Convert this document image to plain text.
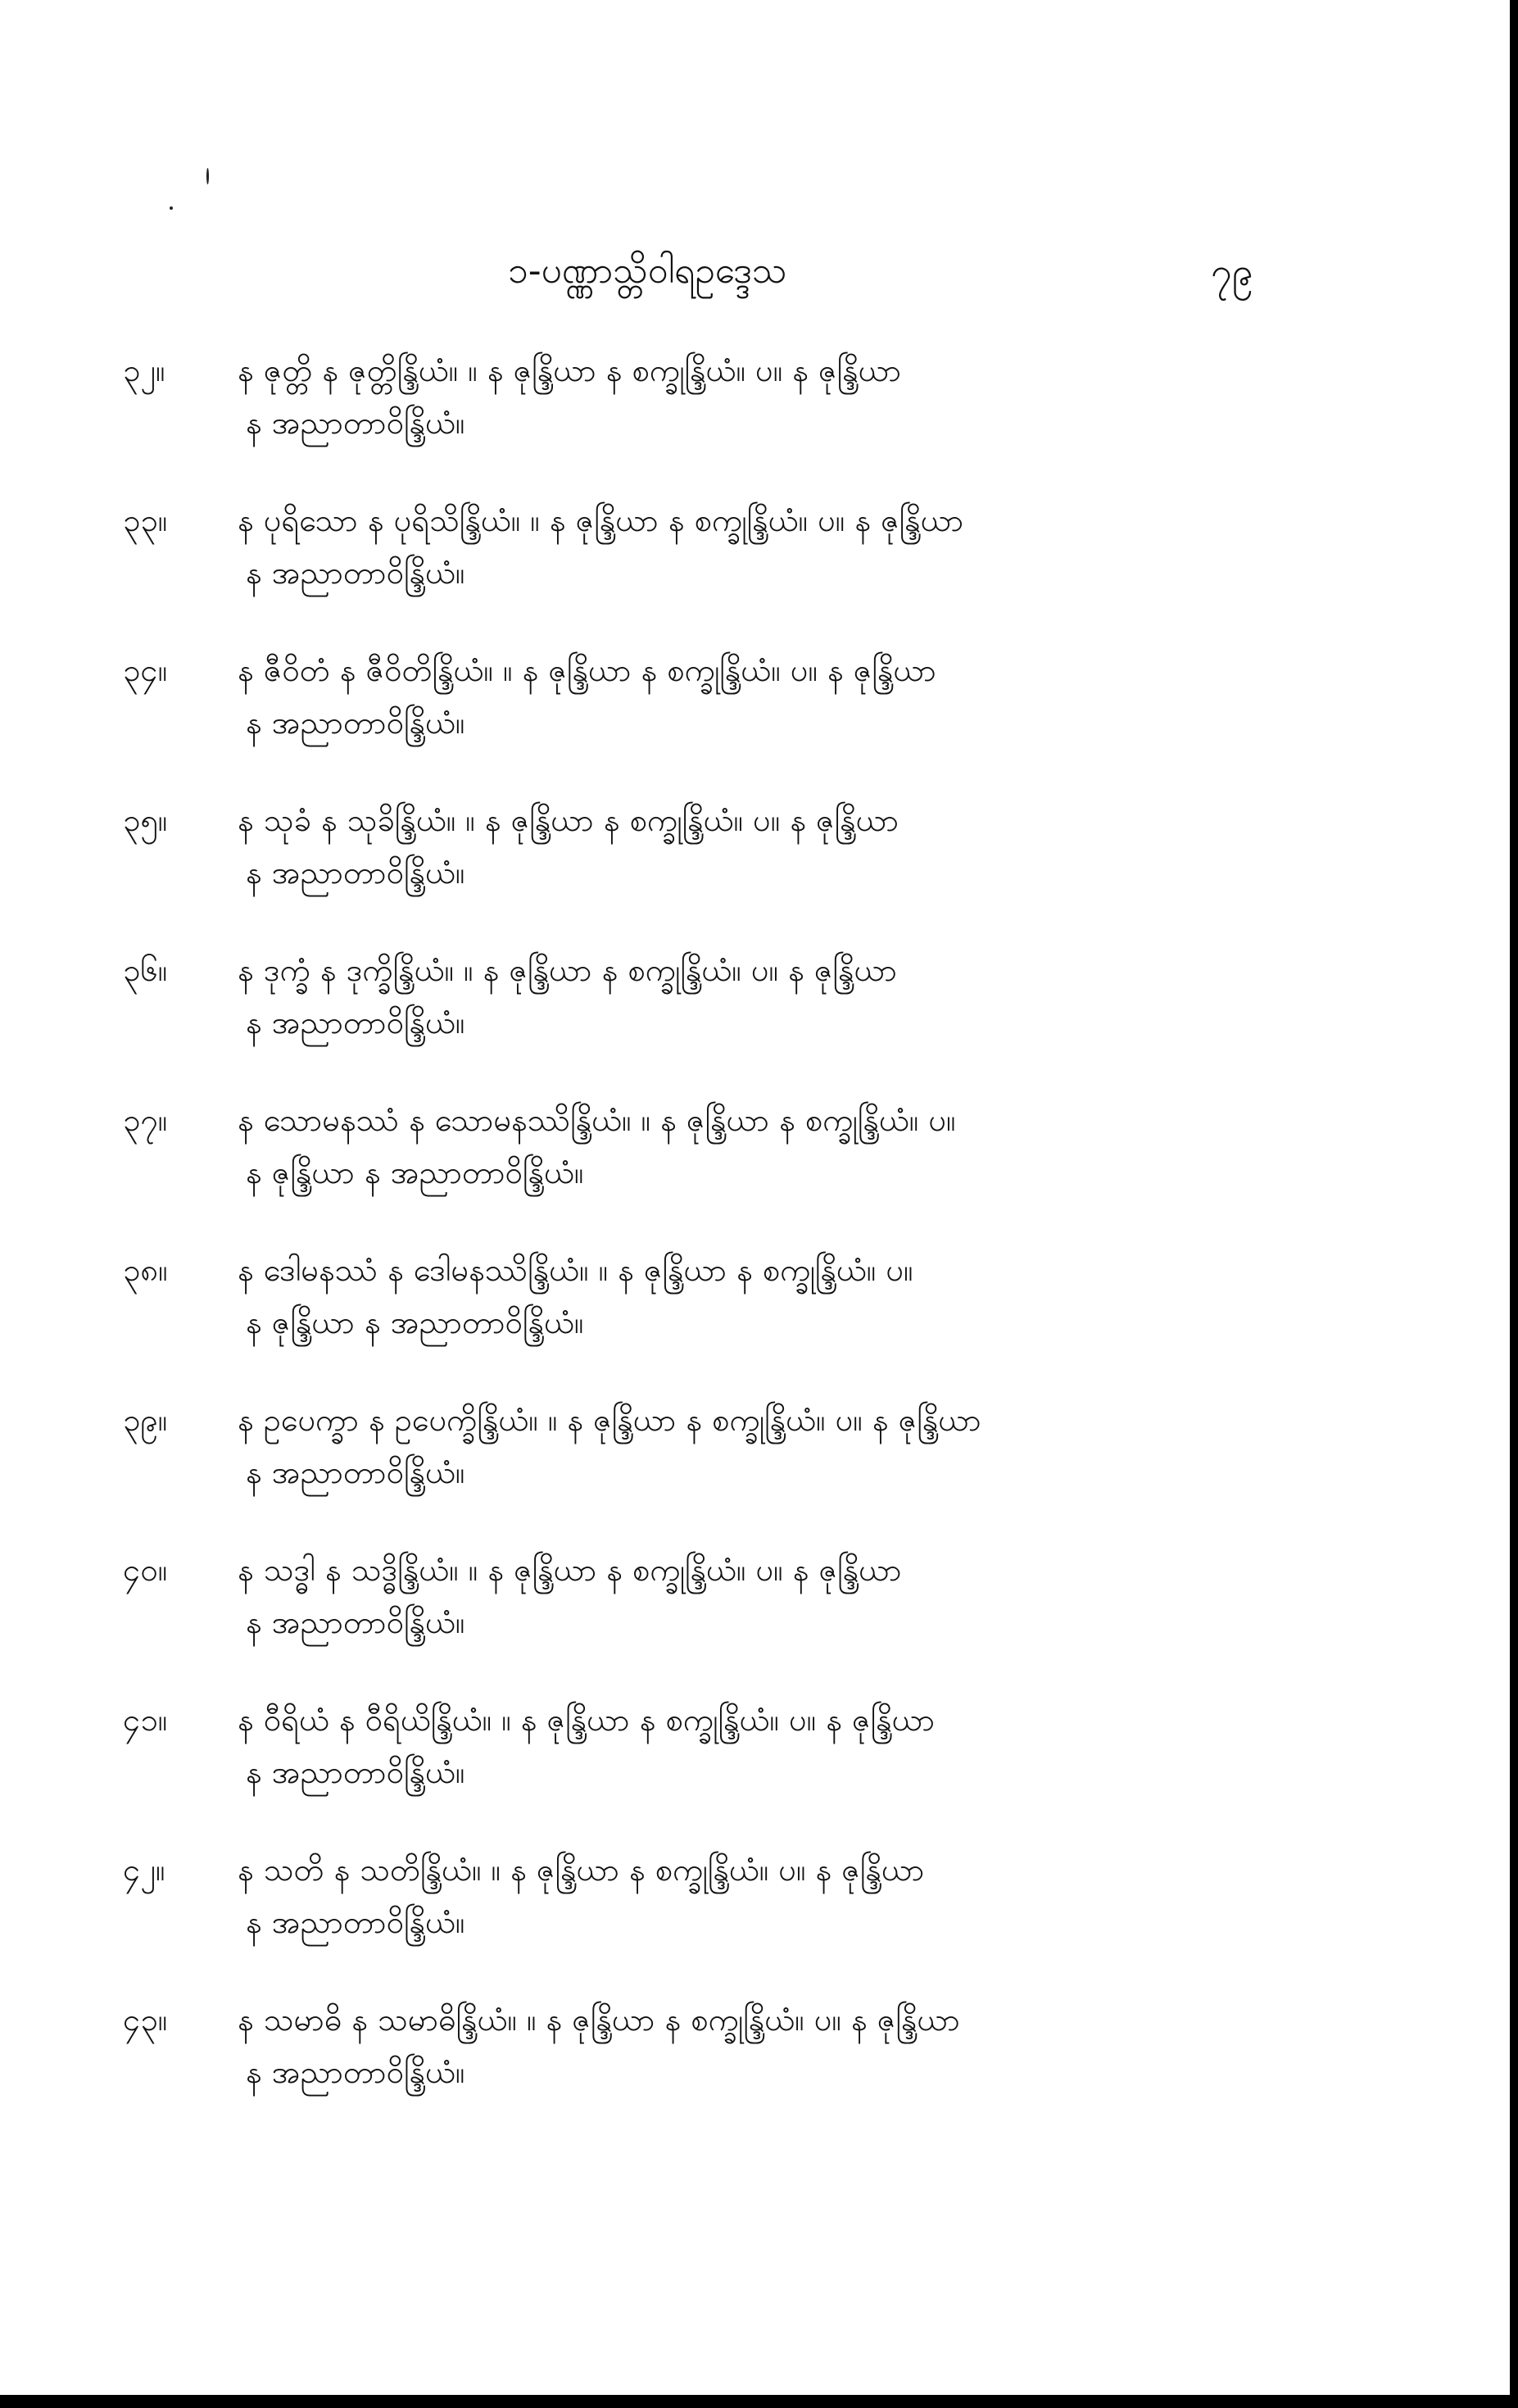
၁-ပဏ္ဏာသ္တိ၀ါရဥဒ္ဒေသ	၇၉
၃၂။ န ဇုတ္တိ န ဇုတ္တိန္ဒြိယံ။ ။ န ဇုန္ဒြိယာ န စက္ခုန္ဒြိယံ။ ပ။ န ဇုန္ဒြိယာ
န အညာတာ၀ိန္ဒြိယံ။
၃၃။ န ပုရိသော န ပုရိသိန္ဒြိယံ။ ။ န ဇုန္ဒြိယာ န စက္ခုန္ဒြိယံ။ ပ။ န ဇုန္ဒြိယာ
န အညာတာ၀ိန္ဒြိယံ။
၃၄။ န ဇီ၀ိတံ န ဇီ၀ိတိန္ဒြိယံ။ ။ န ဇုန္ဒြိယာ န စက္ခုန္ဒြိယံ။ ပ။ န ဇုန္ဒြိယာ
န အညာတာ၀ိန္ဒြိယံ။
၃၅။ န သုခံ န သုခိန္ဒြိယံ။ ။ န ဇုန္ဒြိယာ န စက္ခုန္ဒြိယံ။ ပ။ န ဇုန္ဒြိယာ
န အညာတာ၀ိန္ဒြိယံ။
၃၆။ န ဒုက္ခံ န ဒုက္ခိန္ဒြိယံ။ ။ န ဇုန္ဒြိယာ န စက္ခုန္ဒြိယံ။ ပ။ န ဇုန္ဒြိယာ
န အညာတာ၀ိန္ဒြိယံ။
၃၇။ န သောမနဿံ န သောမနဿိန္ဒြိယံ။ ။ န ဇုန္ဒြိယာ န စက္ခုန္ဒြိယံ။ ပ။
န ဇုန္ဒြိယာ န အညာတာ၀ိန္ဒြိယံ။
၃၈။ န ဒေါမနဿံ န ဒေါမနဿိန္ဒြိယံ။ ။ န ဇုန္ဒြိယာ န စက္ခုန္ဒြိယံ။ ပ။
န ဇုန္ဒြိယာ န အညာတာ၀ိန္ဒြိယံ။
၃၉။ န ဥပေက္ခာ န ဥပေက္ခိန္ဒြိယံ။ ။ န ဇုန္ဒြိယာ န စက္ခုန္ဒြိယံ။ ပ။ န ဇုန္ဒြိယာ
န အညာတာ၀ိန္ဒြိယံ။
၄၀။ န သဒ္ဓါ န သဒ္ဓိန္ဒြိယံ။ ။ န ဇုန္ဒြိယာ န စက္ခုန္ဒြိယံ။ ပ။ န ဇုန္ဒြိယာ
န အညာတာ၀ိန္ဒြိယံ။
၄၁။ န ၀ီရိယံ န ၀ီရိယိန္ဒြိယံ။ ။ န ဇုန္ဒြိယာ န စက္ခုန္ဒြိယံ။ ပ။ န ဇုန္ဒြိယာ
န အညာတာ၀ိန္ဒြိယံ။
၄၂။ န သတိ န သတိန္ဒြိယံ။ ။ န ဇုန္ဒြိယာ န စက္ခုန္ဒြိယံ။ ပ။ န ဇုန္ဒြိယာ
န အညာတာ၀ိန္ဒြိယံ။
၄၃။ န သမာဓိ န သမာဓိန္ဒြိယံ။ ။ န ဇုန္ဒြိယာ န စက္ခုန္ဒြိယံ။ ပ။ န ဇုန္ဒြိယာ
န အညာတာ၀ိန္ဒြိယံ။
